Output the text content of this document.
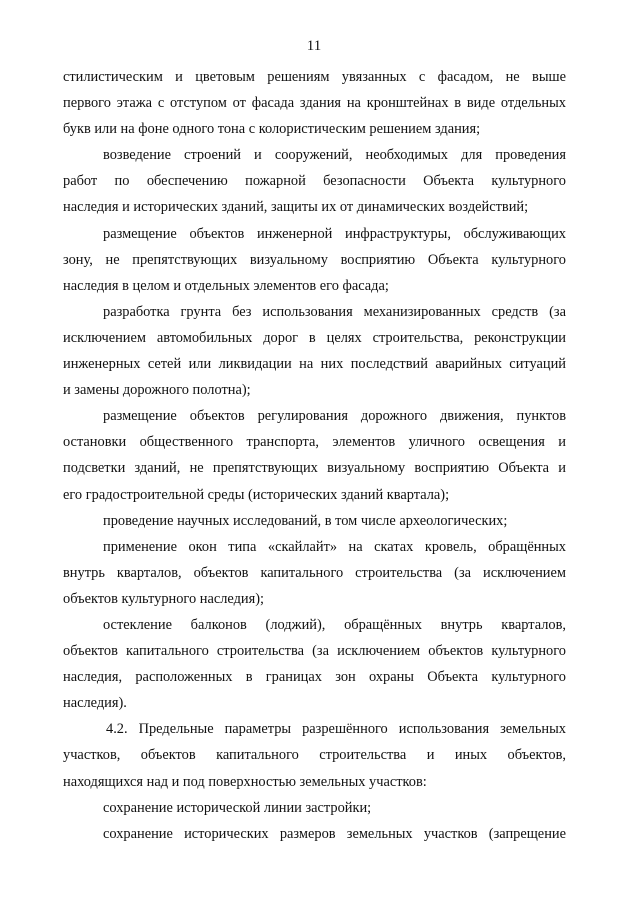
11
стилистическим и цветовым решениям увязанных с фасадом, не выше
первого этажа с отступом от фасада здания на кронштейнах в виде отдельных
букв или на фоне одного тона с колористическим решением здания;
возведение строений и сооружений, необходимых для проведения
работ по обеспечению пожарной безопасности Объекта культурного
наследия и исторических зданий, защиты их от динамических воздействий;
размещение объектов инженерной инфраструктуры, обслуживающих
зону, не препятствующих визуальному восприятию Объекта культурного
наследия в целом и отдельных элементов его фасада;
разработка грунта без использования механизированных средств (за
исключением автомобильных дорог в целях строительства, реконструкции
инженерных сетей или ликвидации на них последствий аварийных ситуаций
и замены дорожного полотна);
размещение объектов регулирования дорожного движения, пунктов
остановки общественного транспорта, элементов уличного освещения и
подсветки зданий, не препятствующих визуальному восприятию Объекта и
его градостроительной среды (исторических зданий квартала);
проведение научных исследований, в том числе археологических;
применение окон типа «скайлайт» на скатах кровель, обращённых
внутрь кварталов, объектов капитального строительства (за исключением
объектов культурного наследия);
остекление балконов (лоджий), обращённых внутрь кварталов,
объектов капитального строительства (за исключением объектов культурного
наследия, расположенных в границах зон охраны Объекта культурного
наследия).
4.2. Предельные параметры разрешённого использования земельных
участков, объектов капитального строительства и иных объектов,
находящихся над и под поверхностью земельных участков:
сохранение исторической линии застройки;
сохранение исторических размеров земельных участков (запрещение
